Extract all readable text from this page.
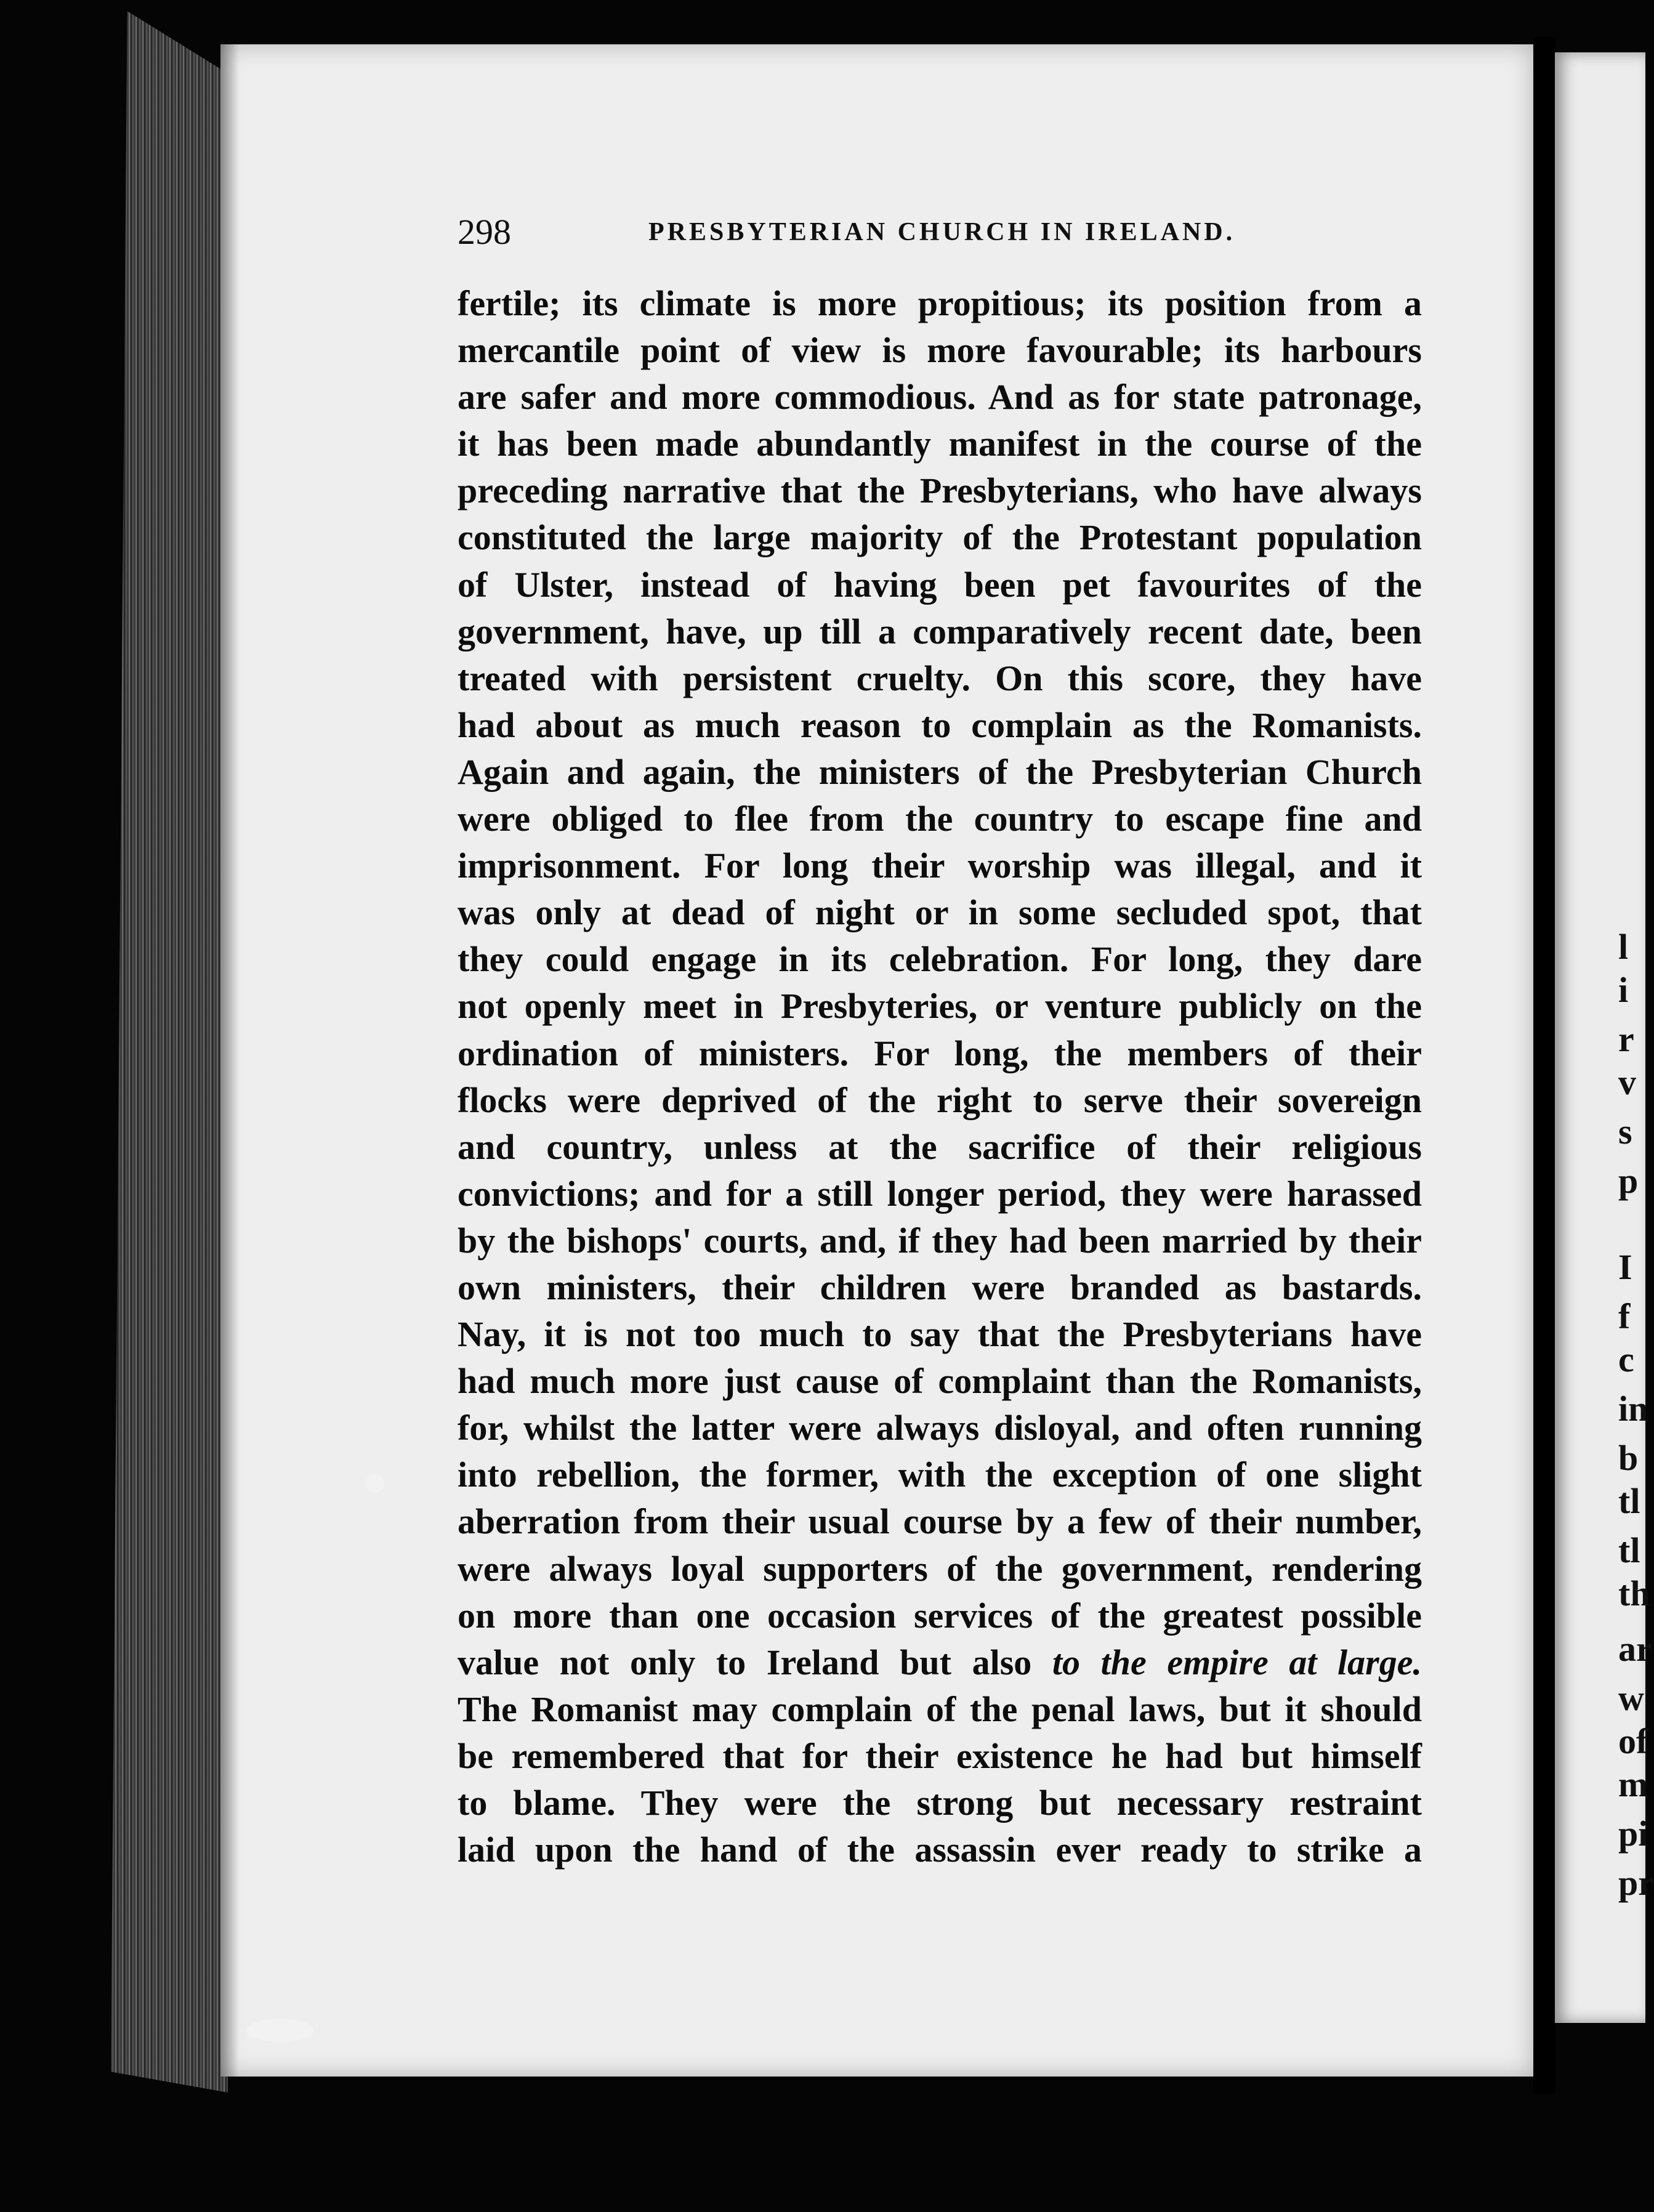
298	PRESBYTERIAN CHURCH IN IRELAND.
fertile; its climate is more propitious; its position from a
mercantile point of view is more favourable; its harbours
are safer and more commodious. And as for state patronage,
it has been made abundantly manifest in the course of the
preceding narrative that the Presbyterians, who have always
constituted the large majority of the Protestant population
of Ulster, instead of having been pet favourites of the
government, have, up till a comparatively recent date, been
treated with persistent cruelty. On this score, they have
had about as much reason to complain as the Romanists.
Again and again, the ministers of the Presbyterian Church
were obliged to flee from the country to escape fine and
imprisonment. For long their worship was illegal, and it
was only at dead of night or in some secluded spot, that
they could engage in its celebration. For long, they dare
not openly meet in Presbyteries, or venture publicly on the
ordination of ministers. For long, the members of their
flocks were deprived of the right to serve their sovereign
and country, unless at the sacrifice of their religious
convictions; and for a still longer period, they were harassed
by the bishops' courts, and, if they had been married by their
own ministers, their children were branded as bastards.
Nay, it is not too much to say that the Presbyterians have
had much more just cause of complaint than the Romanists,
for, whilst the latter were always disloyal, and often running
into rebellion, the former, with the exception of one slight
aberration from their usual course by a few of their number,
were always loyal supporters of the government, rendering
on more than one occasion services of the greatest possible
value not only to Ireland but also to the empire at large.
The Romanist may complain of the penal laws, but it should
be remembered that for their existence he had but himself
to blame. They were the strong but necessary restraint
laid upon the hand of the assassin ever ready to strike a
l
i
r
v
s
p
I
f
c
in
b
tl
tl
th
ar
w
of
m
pi
pr
